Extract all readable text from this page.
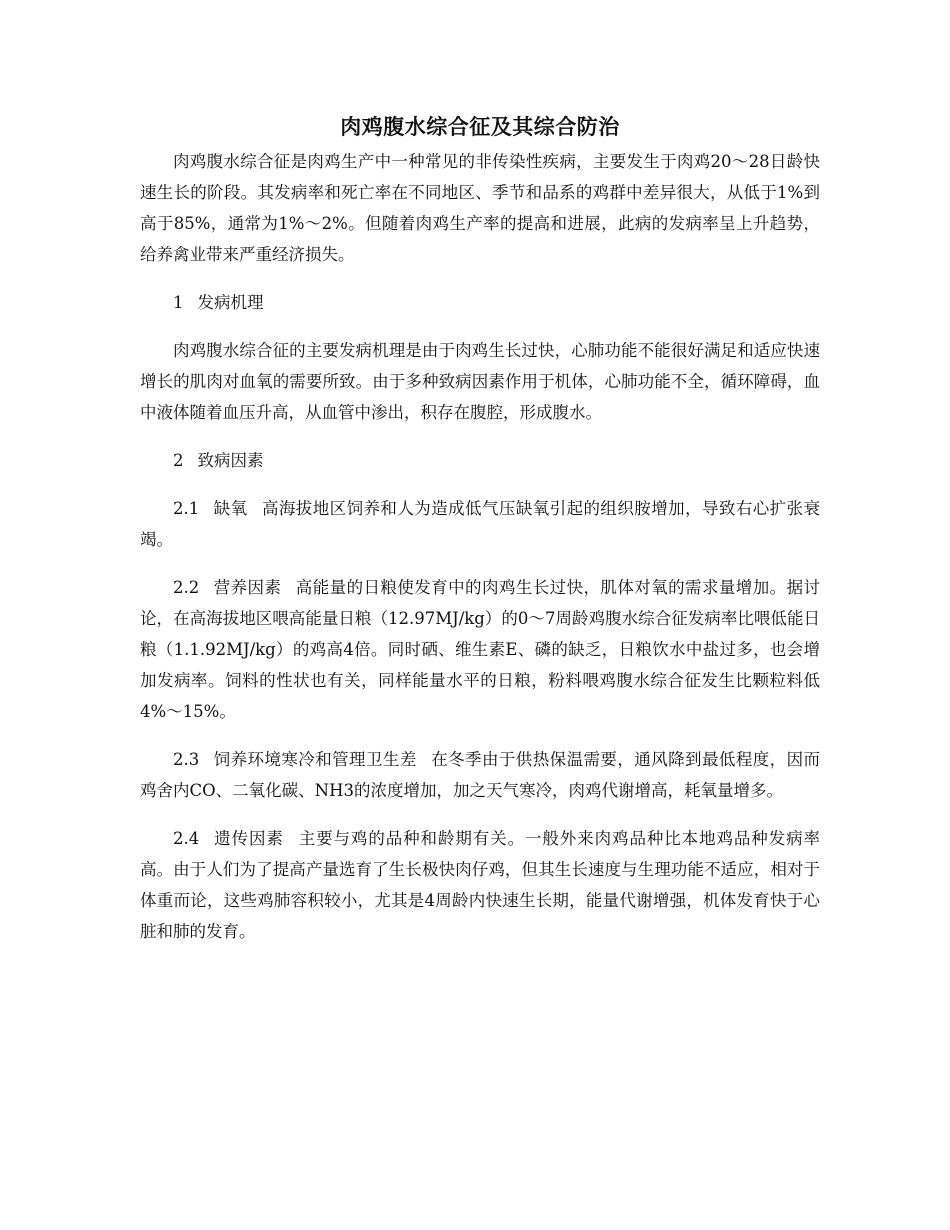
肉鸡腹水综合征及其综合防治

肉鸡腹水综合征是肉鸡生产中一种常见的非传染性疾病，主要发生于肉鸡20～28日龄快速生长的阶段。其发病率和死亡率在不同地区、季节和品系的鸡群中差异很大，从低于1%到高于85%，通常为1%～2%。但随着肉鸡生产率的提高和进展，此病的发病率呈上升趋势，给养禽业带来严重经济损失。

1 发病机理

肉鸡腹水综合征的主要发病机理是由于肉鸡生长过快，心肺功能不能很好满足和适应快速增长的肌肉对血氧的需要所致。由于多种致病因素作用于机体，心肺功能不全，循环障碍，血中液体随着血压升高，从血管中渗出，积存在腹腔，形成腹水。

2 致病因素

2.1 缺氧 高海拔地区饲养和人为造成低气压缺氧引起的组织胺增加，导致右心扩张衰竭。

2.2 营养因素 高能量的日粮使发育中的肉鸡生长过快，肌体对氧的需求量增加。据讨论，在高海拔地区喂高能量日粮（12.97MJ/kg）的0～7周龄鸡腹水综合征发病率比喂低能日粮（1.1.92MJ/kg）的鸡高4倍。同时硒、维生素E、磷的缺乏，日粮饮水中盐过多，也会增加发病率。饲料的性状也有关，同样能量水平的日粮，粉料喂鸡腹水综合征发生比颗粒料低4%～15%。

2.3 饲养环境寒冷和管理卫生差 在冬季由于供热保温需要，通风降到最低程度，因而鸡舍内CO、二氧化碳、NH3的浓度增加，加之天气寒冷，肉鸡代谢增高，耗氧量增多。

2.4 遗传因素 主要与鸡的品种和龄期有关。一般外来肉鸡品种比本地鸡品种发病率高。由于人们为了提高产量选育了生长极快肉仔鸡，但其生长速度与生理功能不适应，相对于体重而论，这些鸡肺容积较小，尤其是4周龄内快速生长期，能量代谢增强，机体发育快于心脏和肺的发育。
